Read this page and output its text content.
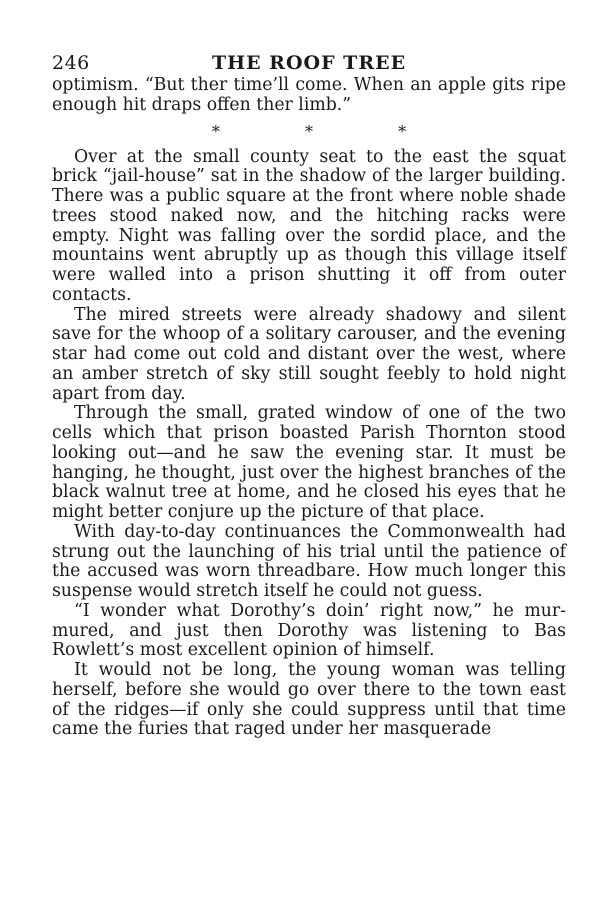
246	THE ROOF TREE

optimism. “But ther time’ll come. When an apple gits ripe enough hit draps offen ther limb.”

* * *

Over at the small county seat to the east the squat brick “jail-house” sat in the shadow of the larger building. There was a public square at the front where noble shade trees stood naked now, and the hitching racks were empty. Night was falling over the sordid place, and the mountains went abruptly up as though this village itself were walled into a prison shutting it off from outer contacts.

The mired streets were already shadowy and silent save for the whoop of a solitary carouser, and the evening star had come out cold and distant over the west, where an amber stretch of sky still sought feebly to hold night apart from day.

Through the small, grated window of one of the two cells which that prison boasted Parish Thornton stood looking out—and he saw the evening star. It must be hanging, he thought, just over the highest branches of the black walnut tree at home, and he closed his eyes that he might better conjure up the picture of that place.

With day-to-day continuances the Commonwealth had strung out the launching of his trial until the patience of the accused was worn threadbare. How much longer this suspense would stretch itself he could not guess.

“I wonder what Dorothy’s doin’ right now,” he murmured, and just then Dorothy was listening to Bas Rowlett’s most excellent opinion of himself.

It would not be long, the young woman was telling herself, before she would go over there to the town east of the ridges—if only she could suppress until that time came the furies that raged under her masquerade
